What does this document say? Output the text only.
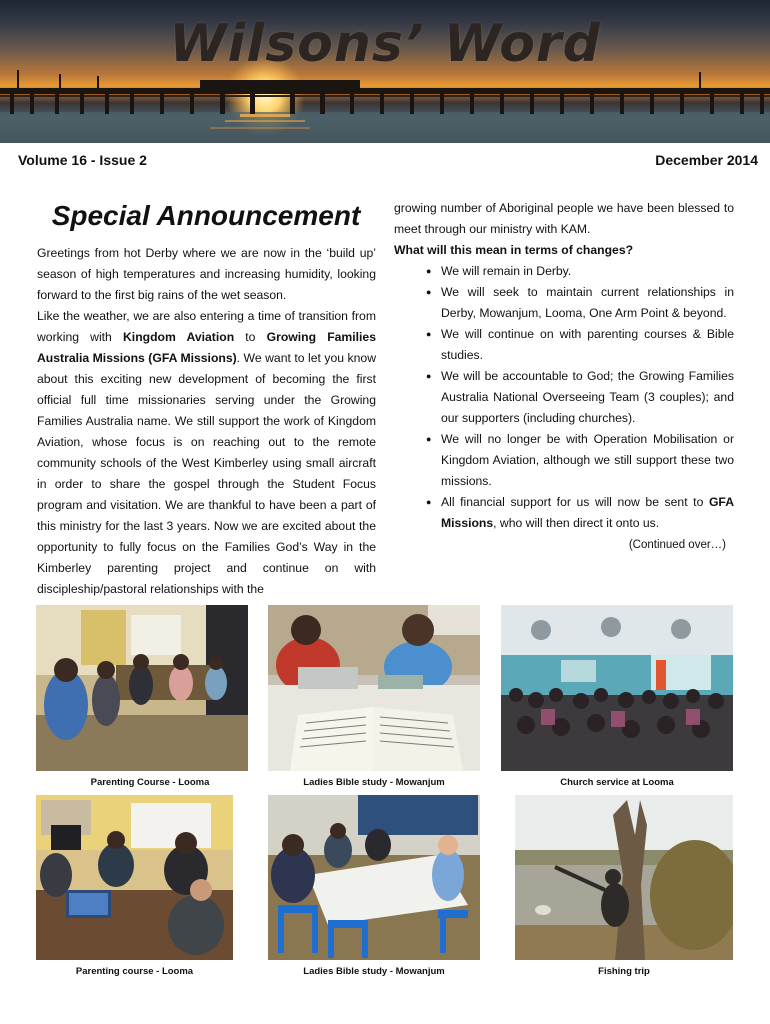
Wilsons’ Word
Volume 16 - Issue 2	December 2014
Special Announcement

Greetings from hot Derby where we are now in the ‘build up’ season of high temperatures and increasing humidity, looking forward to the first big rains of the wet season.

Like the weather, we are also entering a time of transition from working with Kingdom Aviation to Growing Families Australia Missions (GFA Missions). We want to let you know about this exciting new development of becoming the first official full time missionaries serving under the Growing Families Australia name. We still support the work of Kingdom Aviation, whose focus is on reaching out to the remote community schools of the West Kimberley using small aircraft in order to share the gospel through the Student Focus program and visitation. We are thankful to have been a part of this ministry for the last 3 years. Now we are excited about the opportunity to fully focus on the Families God’s Way in the Kimberley parenting project and continue on with discipleship/pastoral relationships with the

growing number of Aboriginal people we have been blessed to meet through our ministry with KAM.

What will this mean in terms of changes?

● We will remain in Derby.
● We will seek to maintain current relationships in Derby, Mowanjum, Looma, One Arm Point & beyond.
● We will continue on with parenting courses & Bible studies.
● We will be accountable to God; the Growing Families Australia National Overseeing Team (3 couples); and our supporters (including churches).
● We will no longer be with Operation Mobilisation or Kingdom Aviation, although we still support these two missions.
● All financial support for us will now be sent to GFA Missions, who will then direct it onto us.
(Continued over…)
Parenting Course - Looma	Ladies Bible study - Mowanjum	Church service at Looma
Parenting course - Looma	Ladies Bible study - Mowanjum	Fishing trip
